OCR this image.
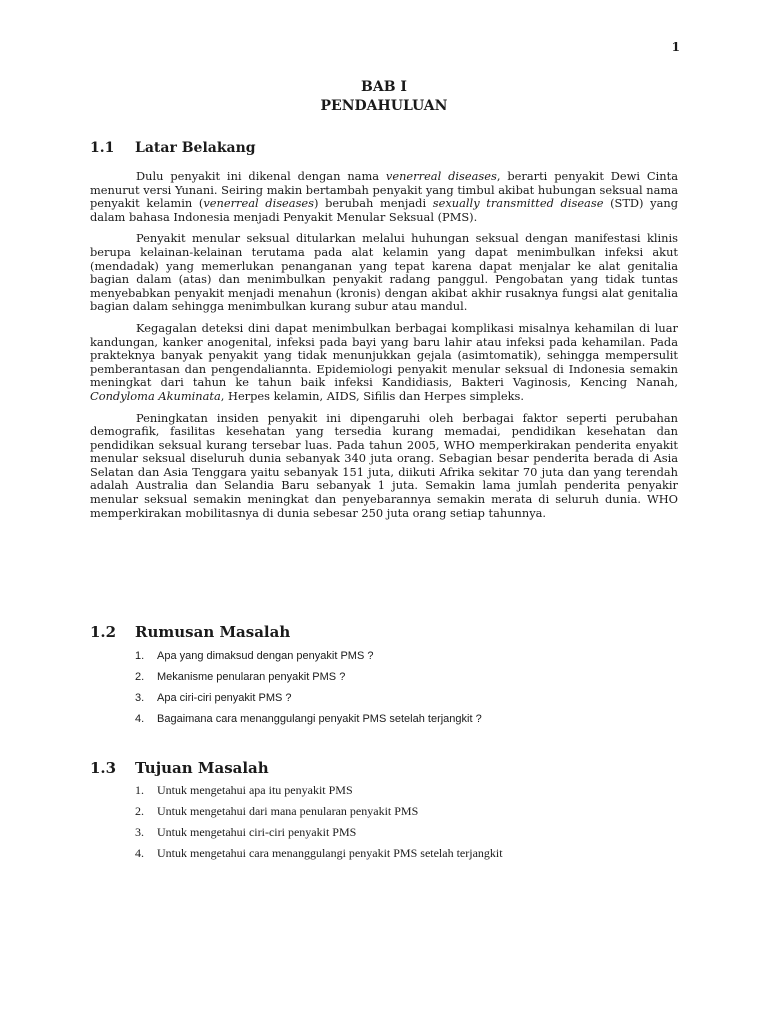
1
BAB I
PENDAHULUAN
1.1	Latar Belakang

Dulu penyakit ini dikenal dengan nama venerreal diseases, berarti penyakit Dewi Cinta menurut versi Yunani. Seiring makin bertambah penyakit yang timbul akibat hubungan seksual nama penyakit kelamin (venerreal diseases) berubah menjadi sexually transmitted disease (STD) yang dalam bahasa Indonesia menjadi Penyakit Menular Seksual (PMS).

Penyakit menular seksual ditularkan melalui huhungan seksual dengan manifestasi klinis berupa kelainan-kelainan terutama pada alat kelamin yang dapat menimbulkan infeksi akut (mendadak) yang memerlukan penanganan yang tepat karena dapat menjalar ke alat genitalia bagian dalam (atas) dan menimbulkan penyakit radang panggul. Pengobatan yang tidak tuntas menyebabkan penyakit menjadi menahun (kronis) dengan akibat akhir rusaknya fungsi alat genitalia bagian dalam sehingga menimbulkan kurang subur atau mandul.

Kegagalan deteksi dini dapat menimbulkan berbagai komplikasi misalnya kehamilan di luar kandungan, kanker anogenital, infeksi pada bayi yang baru lahir atau infeksi pada kehamilan. Pada prakteknya banyak penyakit yang tidak menunjukkan gejala (asimtomatik), sehingga mempersulit pemberantasan dan pengendaliannta. Epidemiologi penyakit menular seksual di Indonesia semakin meningkat dari tahun ke tahun baik infeksi Kandidiasis, Bakteri Vaginosis, Kencing Nanah, Condyloma Akuminata, Herpes kelamin, AIDS, Sifilis dan Herpes simpleks.

Peningkatan insiden penyakit ini dipengaruhi oleh berbagai faktor seperti perubahan demografik, fasilitas kesehatan yang tersedia kurang memadai, pendidikan kesehatan dan pendidikan seksual kurang tersebar luas. Pada tahun 2005, WHO memperkirakan penderita enyakit menular seksual diseluruh dunia sebanyak 340 juta orang. Sebagian besar penderita berada di Asia Selatan dan Asia Tenggara yaitu sebanyak 151 juta, diikuti Afrika sekitar 70 juta dan yang terendah adalah Australia dan Selandia Baru sebanyak 1 juta. Semakin lama jumlah penderita penyakir menular seksual semakin meningkat dan penyebarannya semakin merata di seluruh dunia. WHO memperkirakan mobilitasnya di dunia sebesar 250 juta orang setiap tahunnya.

1.2	Rumusan Masalah
1.	Apa yang dimaksud dengan penyakit PMS ?
2.	Mekanisme penularan penyakit PMS ?
3.	Apa ciri-ciri penyakit PMS ?
4.	Bagaimana cara menanggulangi penyakit PMS setelah terjangkit ?
1.3	Tujuan Masalah
1.	Untuk mengetahui apa itu penyakit PMS
2.	Untuk mengetahui dari mana penularan penyakit PMS
3.	Untuk mengetahui ciri-ciri penyakit PMS
4.	Untuk mengetahui cara menanggulangi penyakit PMS setelah terjangkit
